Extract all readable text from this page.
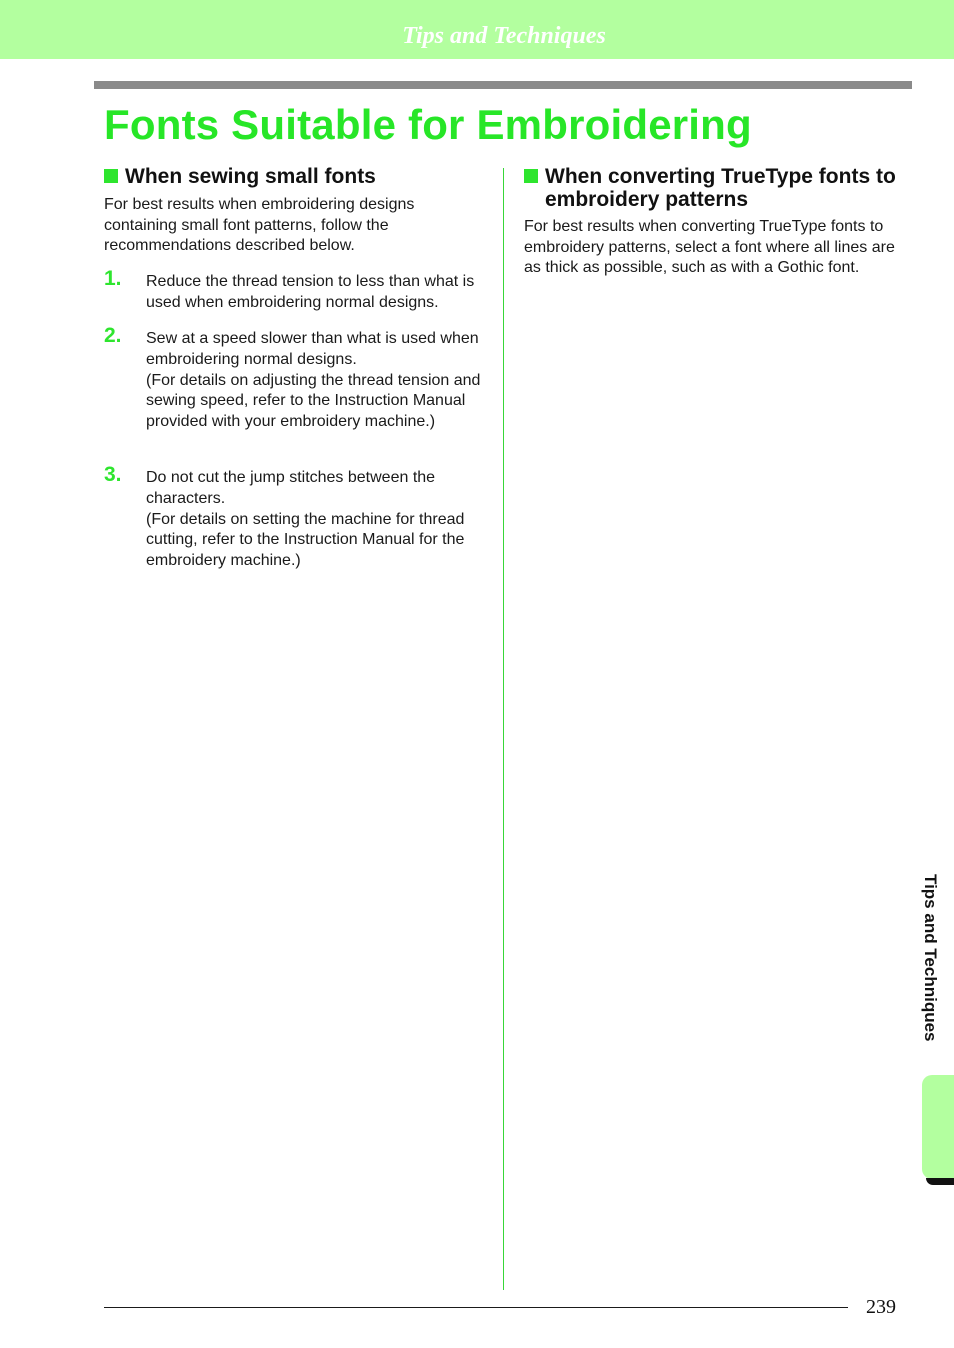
Tips and Techniques
Fonts Suitable for Embroidering
When sewing small fonts

For best results when embroidering designs containing small font patterns, follow the recommendations described below.

1. Reduce the thread tension to less than what is
used when embroidering normal designs.

2. Sew at a speed slower than what is used when
embroidering normal designs.
(For details on adjusting the thread tension and sewing speed, refer to the Instruction Manual provided with your embroidery machine.)

3. Do not cut the jump stitches between the
characters.
(For details on setting the machine for thread cutting, refer to the Instruction Manual for the embroidery machine.)

When converting TrueType fonts to embroidery patterns

For best results when converting TrueType fonts to embroidery patterns, select a font where all lines are as thick as possible, such as with a Gothic font.

Tips and Techniques
239
